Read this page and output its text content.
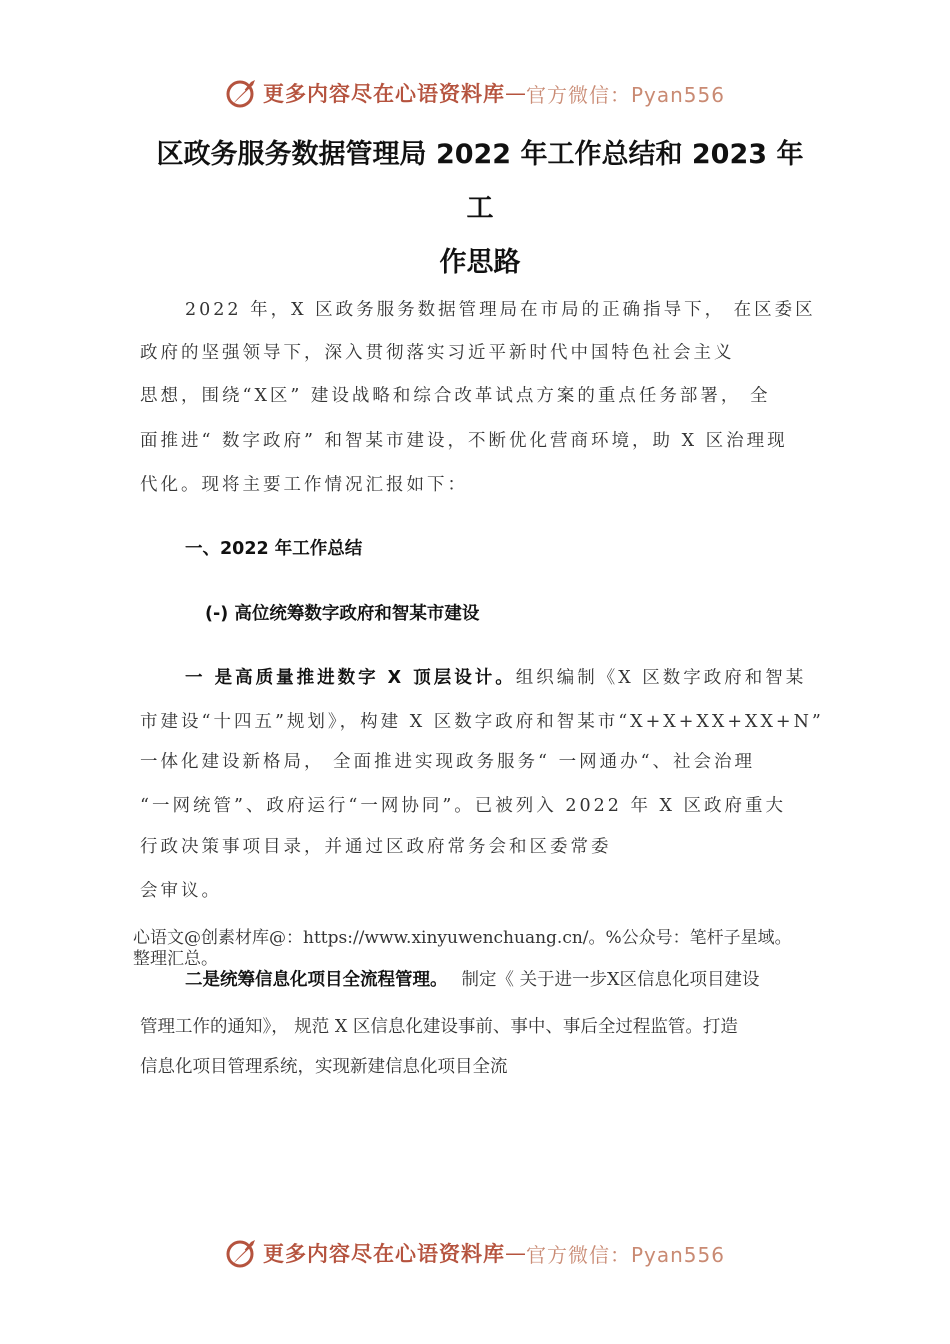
更多内容尽在心语资料库 — 官方微信：Pyan556
区政务服务数据管理局 2022 年工作总结和 2023 年工
作思路
2022 年，X 区政务服务数据管理局在市局的正确指导下， 在区委区
政府的坚强领导下，深入贯彻落实习近平新时代中国特色社会主义
思想，围绕“X区” 建设战略和综合改革试点方案的重点任务部署， 全
面推进“ 数字政府” 和智某市建设，不断优化营商环境，助 X 区治理现
代化。现将主要工作情况汇报如下：
一、2022 年工作总结
(-) 高位统筹数字政府和智某市建设
一 是高质量推进数字 X 顶层设计。组织编制《X 区数字政府和智某
市建设“十四五”规划》，构建 X 区数字政府和智某市“X+X+XX+XX+N”
一体化建设新格局， 全面推进实现政务服务“ 一网通办“、社会治理
“一网统管”、政府运行“一网协同”。已被列入 2022 年 X 区政府重大
行政决策事项目录，并通过区政府常务会和区委常委
会审议。
心语文@创素材库@：https://www.xinyuwenchuang.cn/。%公众号：笔杆子星域。
整理汇总。
二是统筹信息化项目全流程管理。 制定《 关于进一步X区信息化项目建设
管理工作的通知》， 规范 X 区信息化建设事前、事中、事后全过程监管。打造
信息化项目管理系统，实现新建信息化项目全流
更多内容尽在心语资料库 — 官方微信：Pyan556
